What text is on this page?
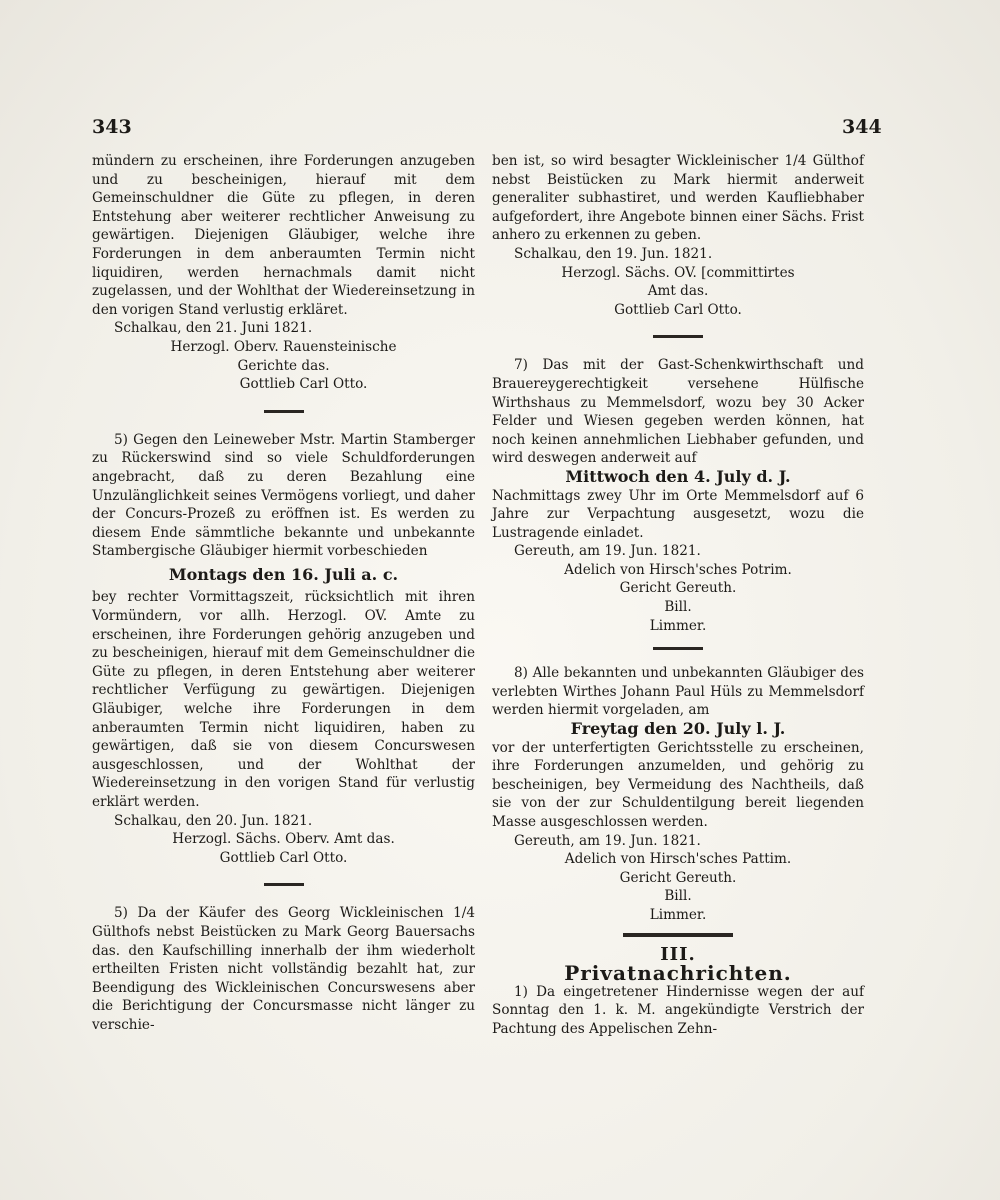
343	344

mündern zu erscheinen, ihre Forderungen anzugeben und zu bescheinigen, hierauf mit dem Gemeinschuldner die Güte zu pflegen, in deren Entstehung aber weiterer rechtlicher Anweisung zu gewärtigen. Diejenigen Gläubiger, welche ihre Forderungen in dem anberaumten Termin nicht liquidiren, werden hernachmals damit nicht zugelassen, und der Wohlthat der Wiedereinsetzung in den vorigen Stand verlustig erkläret.

Schalkau, den 21. Juni 1821.

Herzogl. Oberv. Rauensteinische
Gerichte das.
Gottlieb Carl Otto.

5) Gegen den Leineweber Mstr. Martin Stamberger zu Rückerswind sind so viele Schuldforderungen angebracht, daß zu deren Bezahlung eine Unzulänglichkeit seines Vermögens vorliegt, und daher der Concurs-Prozeß zu eröffnen ist. Es werden zu diesem Ende sämmtliche bekannte und unbekannte Stambergische Gläubiger hiermit vorbeschieden

Montags den 16. Juli a. c.

bey rechter Vormittagszeit, rücksichtlich mit ihren Vormündern, vor allh. Herzogl. OV. Amte zu erscheinen, ihre Forderungen gehörig anzugeben und zu bescheinigen, hierauf mit dem Gemeinschuldner die Güte zu pflegen, in deren Entstehung aber weiterer rechtlicher Verfügung zu gewärtigen. Diejenigen Gläubiger, welche ihre Forderungen in dem anberaumten Termin nicht liquidiren, haben zu gewärtigen, daß sie von diesem Concurswesen ausgeschlossen, und der Wohlthat der Wiedereinsetzung in den vorigen Stand für verlustig erklärt werden.

Schalkau, den 20. Jun. 1821.

Herzogl. Sächs. Oberv. Amt das.
Gottlieb Carl Otto.

5) Da der Käufer des Georg Wickleinischen 1/4 Gülthofs nebst Beistücken zu Mark Georg Bauersachs das. den Kaufschilling innerhalb der ihm wiederholt ertheilten Fristen nicht vollständig bezahlt hat, zur Beendigung des Wickleinischen Concurswesens aber die Berichtigung der Concursmasse nicht länger zu verschie-

ben ist, so wird besagter Wickleinischer 1/4 Gülthof nebst Beistücken zu Mark hiermit anderweit generaliter subhastiret, und werden Kaufliebhaber aufgefordert, ihre Angebote binnen einer Sächs. Frist anhero zu erkennen zu geben.

Schalkau, den 19. Jun. 1821.

Herzogl. Sächs. OV. [committirtes
Amt das.
Gottlieb Carl Otto.

7) Das mit der Gast-Schenkwirthschaft und Brauereygerechtigkeit versehene Hülfische Wirthshaus zu Memmelsdorf, wozu bey 30 Acker Felder und Wiesen gegeben werden können, hat noch keinen annehmlichen Liebhaber gefunden, und wird deswegen anderweit auf

Mittwoch den 4. July d. J.

Nachmittags zwey Uhr im Orte Memmelsdorf auf 6 Jahre zur Verpachtung ausgesetzt, wozu die Lustragende einladet.

Gereuth, am 19. Jun. 1821.

Adelich von Hirsch'sches Potrim.
Gericht Gereuth.
Bill.
Limmer.

8) Alle bekannten und unbekannten Gläubiger des verlebten Wirthes Johann Paul Hüls zu Memmelsdorf werden hiermit vorgeladen, am

Freytag den 20. July l. J.

vor der unterfertigten Gerichtsstelle zu erscheinen, ihre Forderungen anzumelden, und gehörig zu bescheinigen, bey Vermeidung des Nachtheils, daß sie von der zur Schuldentilgung bereit liegenden Masse ausgeschlossen werden.

Gereuth, am 19. Jun. 1821.

Adelich von Hirsch'sches Pattim.
Gericht Gereuth.
Bill.
Limmer.
III.
Privatnachrichten.

1) Da eingetretener Hindernisse wegen der auf Sonntag den 1. k. M. angekündigte Verstrich der Pachtung des Appelischen Zehn-
